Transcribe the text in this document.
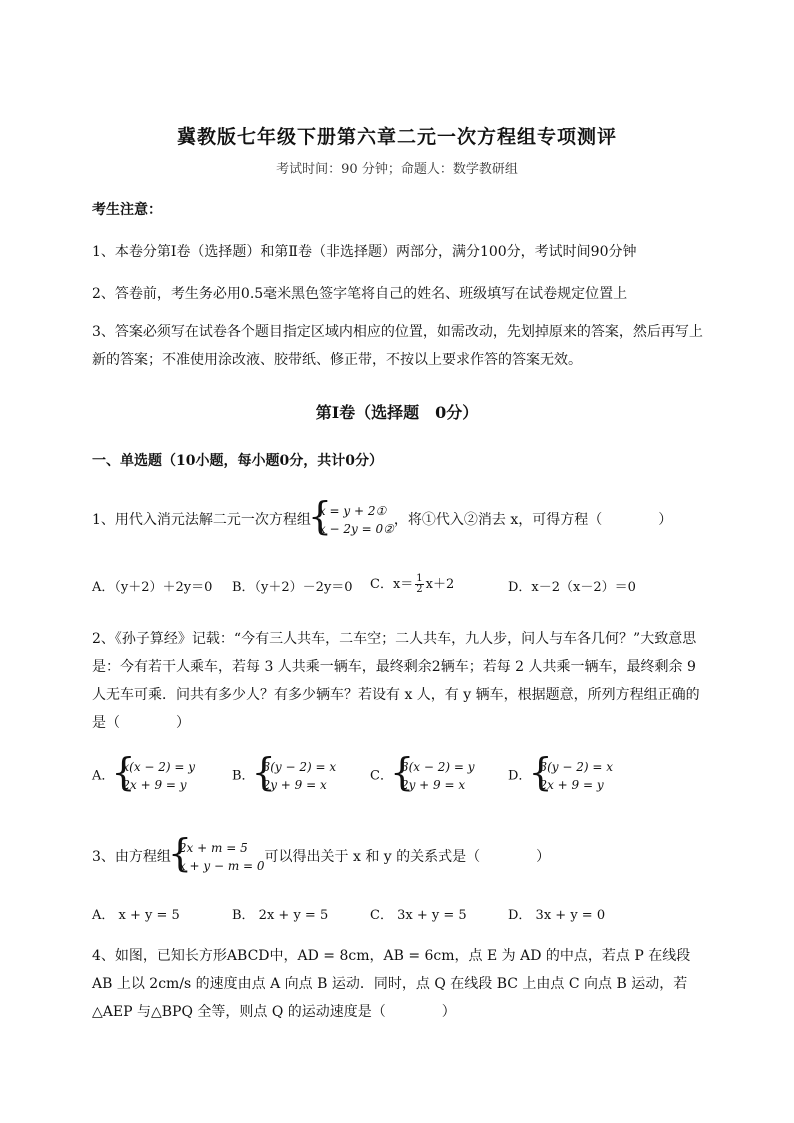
冀教版七年级下册第六章二元一次方程组专项测评
考试时间：90 分钟；命题人：数学教研组
考生注意：
1、本卷分第Ⅰ卷（选择题）和第Ⅱ卷（非选择题）两部分，满分100分，考试时间90分钟
2、答卷前，考生务必用0.5毫米黑色签字笔将自己的姓名、班级填写在试卷规定位置上
3、答案必须写在试卷各个题目指定区域内相应的位置，如需改动，先划掉原来的答案，然后再写上新的答案；不准使用涂改液、胶带纸、修正带，不按以上要求作答的答案无效。
第Ⅰ卷（选择题　0分）
一、单选题（10小题，每小题0分，共计0分）
1、用代入消元法解二元一次方程组
{ x = y + 2①
x − 2y = 0②
，将①代入②消去 x，可得方程（　　　　）
A．（y＋2）＋2y＝0 B．（y＋2）－2y＝0 C．$x= \frac{1}{2} x+2$	D．x－2（x－2）＝0
2、《孙子算经》记载：“今有三人共车，二车空；二人共车，九人步，问人与车各几何？”大致意思是：今有若干人乘车，若每 3 人共乘一辆车，最终剩余2辆车；若每 2 人共乘一辆车，最终剩余 9 人无车可乘．问共有多少人？有多少辆车？若设有 x 人，有 y 辆车，根据题意，所列方程组正确的是（　　　　）
A．
{ x(x − 2) = y
2x + 9 = y
B．
{ 3(y − 2) = x
2y + 9 = x
C．
{ 3(x − 2) = y
2y + 9 = x
D．
{ 3(y − 2) = x
2x + 9 = y
3、由方程组
{ 2x + m = 5
x + y − m = 0
可以得出关于 x 和 y 的关系式是（　　　　）
A． x + y = 5	B． 2x + y = 5	C． 3x + y = 5	D． 3x + y = 0
4、如图，已知长方形ABCD中，AD = 8cm，AB = 6cm，点 E 为 AD 的中点，若点 P 在线段 AB 上以 2cm/s 的速度由点 A 向点 B 运动．同时，点 Q 在线段 BC 上由点 C 向点 B 运动，若△AEP 与△BPQ 全等，则点 Q 的运动速度是（　　　　）
